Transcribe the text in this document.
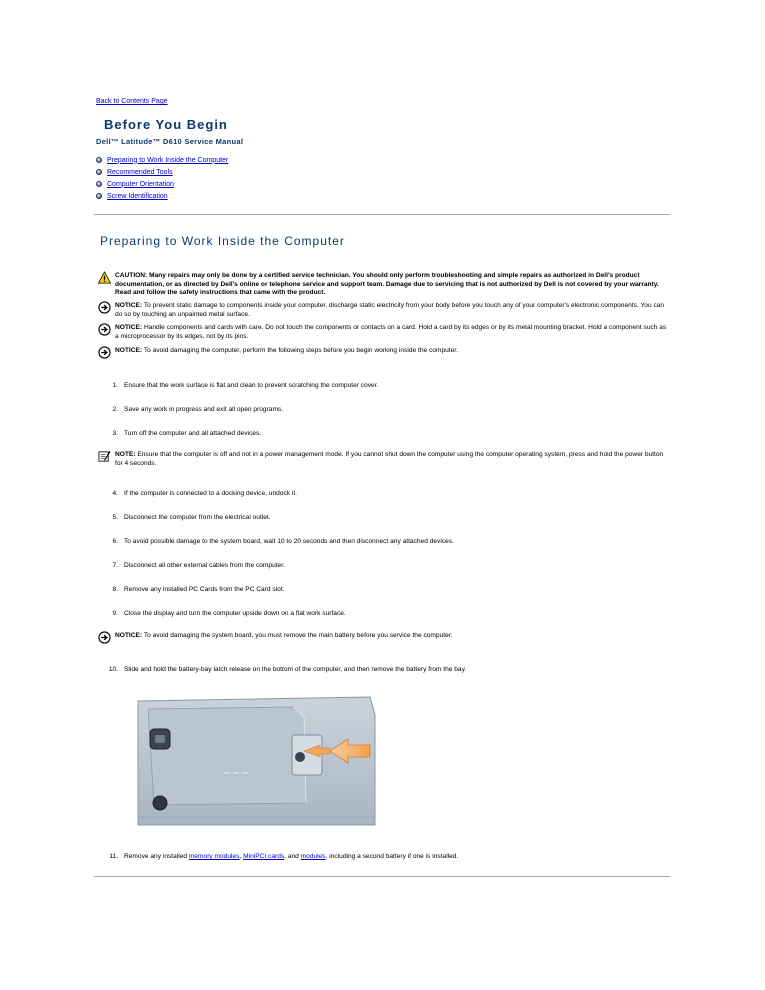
Back to Contents Page
Before You Begin
Dell™ Latitude™ D610 Service Manual
Preparing to Work Inside the Computer
Recommended Tools
Computer Orientation
Screw Identification
Preparing to Work Inside the Computer
CAUTION: Many repairs may only be done by a certified service technician. You should only perform troubleshooting and simple repairs as authorized in Dell's product documentation, or as directed by Dell's online or telephone service and support team. Damage due to servicing that is not authorized by Dell is not covered by your warranty. Read and follow the safety instructions that came with the product.
NOTICE: To prevent static damage to components inside your computer, discharge static electricity from your body before you touch any of your computer's electronic components. You can do so by touching an unpainted metal surface.
NOTICE: Handle components and cards with care. Do not touch the components or contacts on a card. Hold a card by its edges or by its metal mounting bracket. Hold a component such as a microprocessor by its edges, not by its pins.
NOTICE: To avoid damaging the computer, perform the following steps before you begin working inside the computer.
1. Ensure that the work surface is flat and clean to prevent scratching the computer cover.
2. Save any work in progress and exit all open programs.
3. Turn off the computer and all attached devices.
NOTE: Ensure that the computer is off and not in a power management mode. If you cannot shut down the computer using the computer operating system, press and hold the power button for 4 seconds.
4. If the computer is connected to a docking device, undock it.
5. Disconnect the computer from the electrical outlet.
6. To avoid possible damage to the system board, wait 10 to 20 seconds and then disconnect any attached devices.
7. Disconnect all other external cables from the computer.
8. Remove any installed PC Cards from the PC Card slot.
9. Close the display and turn the computer upside down on a flat work surface.
NOTICE: To avoid damaging the system board, you must remove the main battery before you service the computer.
10. Slide and hold the battery-bay latch release on the bottom of the computer, and then remove the battery from the bay.
11. Remove any installed memory modules, MiniPCI cards, and modules, including a second battery if one is installed.
